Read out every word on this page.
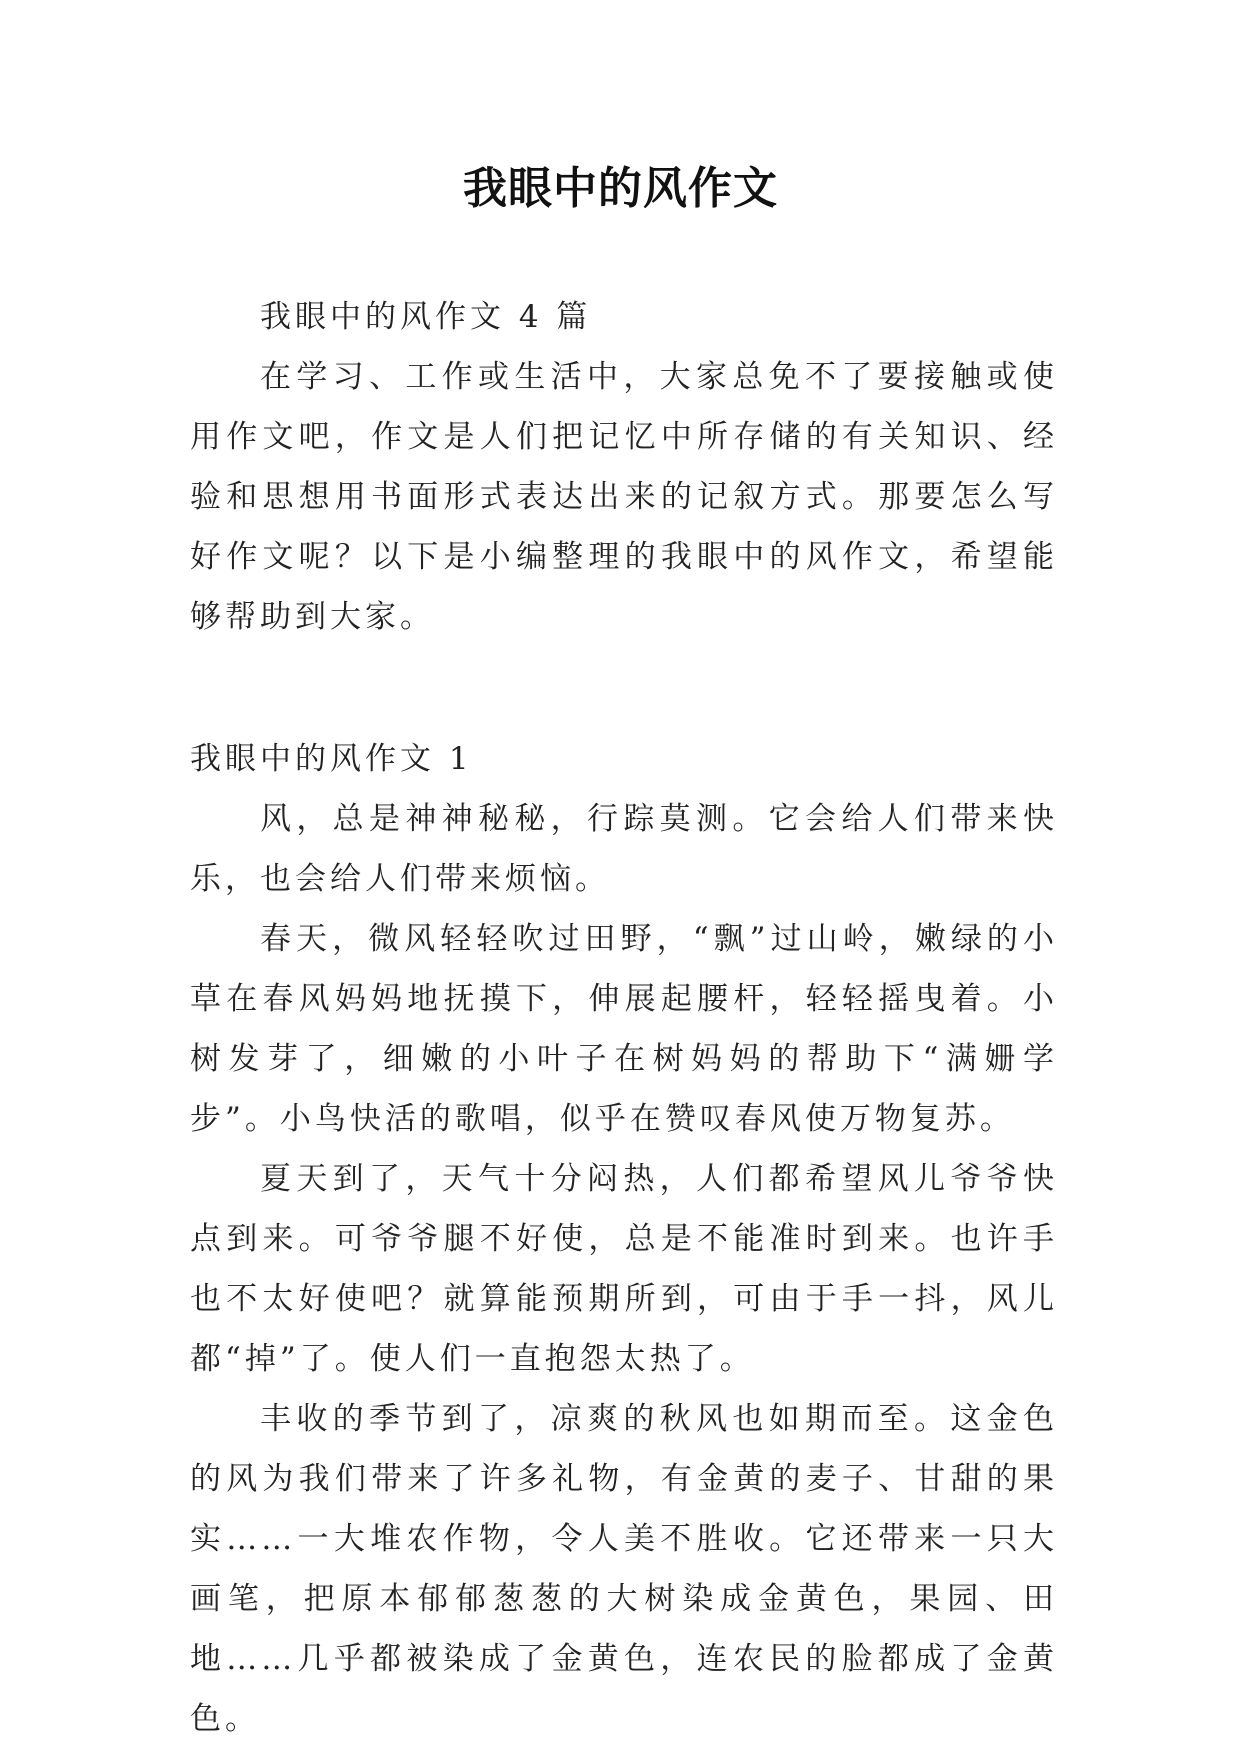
我眼中的风作文

我眼中的风作文 4 篇

在学习、工作或生活中，大家总免不了要接触或使用作文吧，作文是人们把记忆中所存储的有关知识、经验和思想用书面形式表达出来的记叙方式。那要怎么写好作文呢？以下是小编整理的我眼中的风作文，希望能够帮助到大家。

我眼中的风作文 1

风，总是神神秘秘，行踪莫测。它会给人们带来快乐，也会给人们带来烦恼。

春天，微风轻轻吹过田野，“飘”过山岭，嫩绿的小草在春风妈妈地抚摸下，伸展起腰杆，轻轻摇曳着。小树发芽了，细嫩的小叶子在树妈妈的帮助下“满姗学步”。小鸟快活的歌唱，似乎在赞叹春风使万物复苏。

夏天到了，天气十分闷热，人们都希望风儿爷爷快点到来。可爷爷腿不好使，总是不能准时到来。也许手也不太好使吧？就算能预期所到，可由于手一抖，风儿都“掉”了。使人们一直抱怨太热了。

丰收的季节到了，凉爽的秋风也如期而至。这金色的风为我们带来了许多礼物，有金黄的麦子、甘甜的果实……一大堆农作物，令人美不胜收。它还带来一只大画笔，把原本郁郁葱葱的大树染成金黄色，果园、田地……几乎都被染成了金黄色，连农民的脸都成了金黄色。
